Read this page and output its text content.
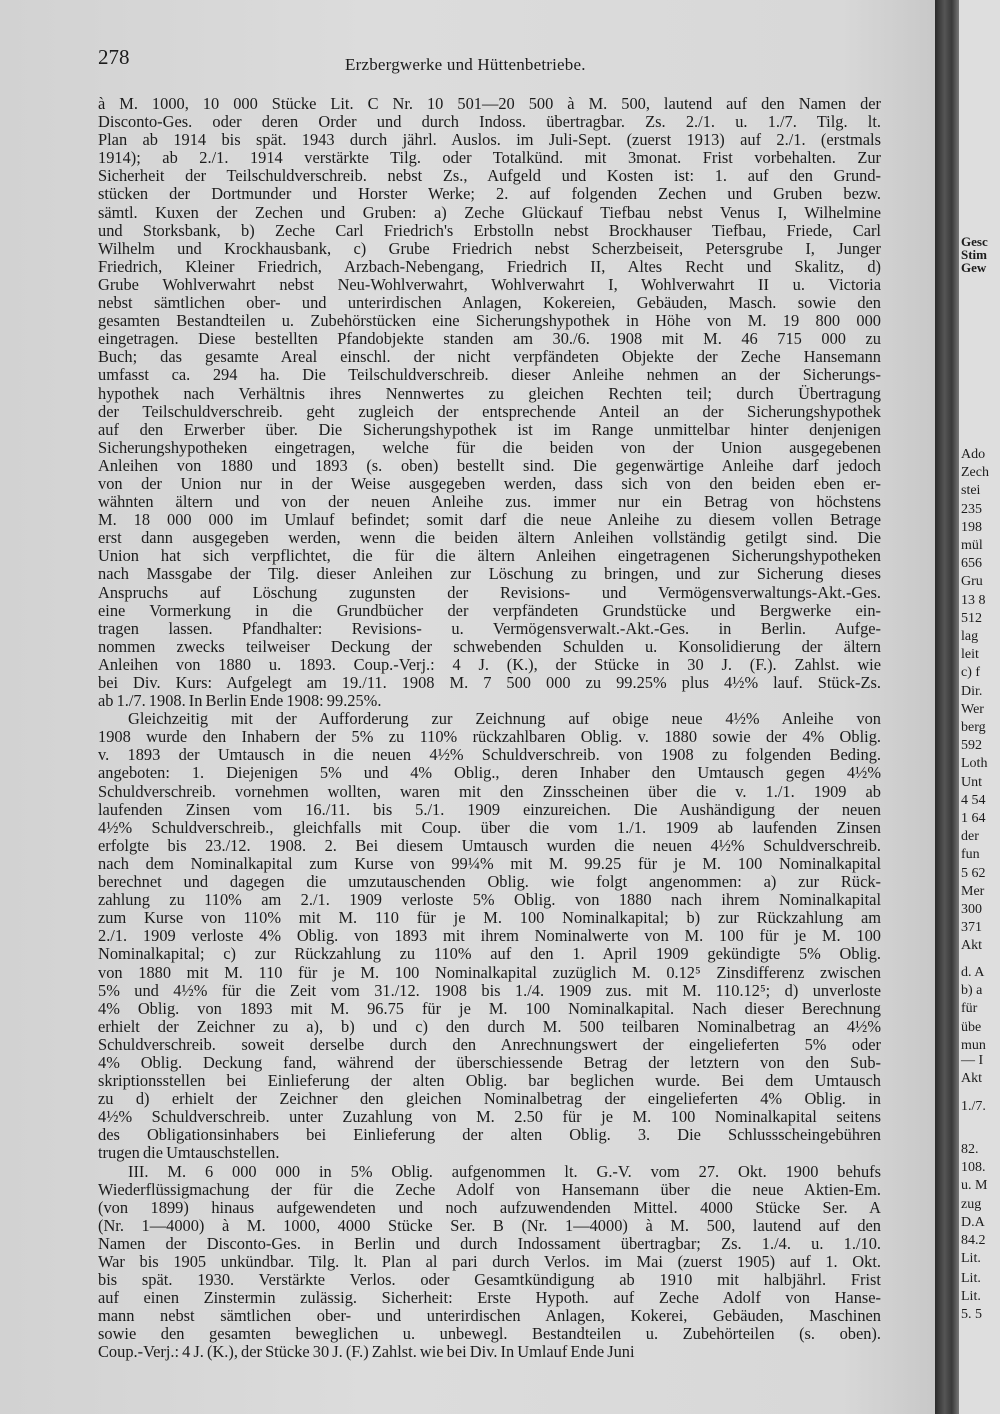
278	Erzbergwerke und Hüttenbetriebe.
à M. 1000, 10 000 Stücke Lit. C Nr. 10 501—20 500 à M. 500, lautend auf den Namen der
Disconto-Ges. oder deren Order und durch Indoss. übertragbar. Zs. 2./1. u. 1./7. Tilg. lt.
Plan ab 1914 bis spät. 1943 durch jährl. Auslos. im Juli-Sept. (zuerst 1913) auf 2./1. (erstmals
1914); ab 2./1. 1914 verstärkte Tilg. oder Totalkünd. mit 3monat. Frist vorbehalten. Zur
Sicherheit der Teilschuldverschreib. nebst Zs., Aufgeld und Kosten ist: 1. auf den Grund-
stücken der Dortmunder und Horster Werke; 2. auf folgenden Zechen und Gruben bezw.
sämtl. Kuxen der Zechen und Gruben: a) Zeche Glückauf Tiefbau nebst Venus I, Wilhelmine
und Storksbank, b) Zeche Carl Friedrich's Erbstolln nebst Brockhauser Tiefbau, Friede, Carl
Wilhelm und Krockhausbank, c) Grube Friedrich nebst Scherzbeiseit, Petersgrube I, Junger
Friedrich, Kleiner Friedrich, Arzbach-Nebengang, Friedrich II, Altes Recht und Skalitz, d)
Grube Wohlverwahrt nebst Neu-Wohlverwahrt, Wohlverwahrt I, Wohlverwahrt II u. Victoria
nebst sämtlichen ober- und unterirdischen Anlagen, Kokereien, Gebäuden, Masch. sowie den
gesamten Bestandteilen u. Zubehörstücken eine Sicherungshypothek in Höhe von M. 19 800 000
eingetragen. Diese bestellten Pfandobjekte standen am 30./6. 1908 mit M. 46 715 000 zu
Buch; das gesamte Areal einschl. der nicht verpfändeten Objekte der Zeche Hansemann
umfasst ca. 294 ha. Die Teilschuldverschreib. dieser Anleihe nehmen an der Sicherungs-
hypothek nach Verhältnis ihres Nennwertes zu gleichen Rechten teil; durch Übertragung
der Teilschuldverschreib. geht zugleich der entsprechende Anteil an der Sicherungshypothek
auf den Erwerber über. Die Sicherungshypothek ist im Range unmittelbar hinter denjenigen
Sicherungshypotheken eingetragen, welche für die beiden von der Union ausgegebenen
Anleihen von 1880 und 1893 (s. oben) bestellt sind. Die gegenwärtige Anleihe darf jedoch
von der Union nur in der Weise ausgegeben werden, dass sich von den beiden eben er-
wähnten ältern und von der neuen Anleihe zus. immer nur ein Betrag von höchstens
M. 18 000 000 im Umlauf befindet; somit darf die neue Anleihe zu diesem vollen Betrage
erst dann ausgegeben werden, wenn die beiden ältern Anleihen vollständig getilgt sind. Die
Union hat sich verpflichtet, die für die ältern Anleihen eingetragenen Sicherungshypotheken
nach Massgabe der Tilg. dieser Anleihen zur Löschung zu bringen, und zur Sicherung dieses
Anspruchs auf Löschung zugunsten der Revisions- und Vermögensverwaltungs-Akt.-Ges.
eine Vormerkung in die Grundbücher der verpfändeten Grundstücke und Bergwerke ein-
tragen lassen. Pfandhalter: Revisions- u. Vermögensverwalt.-Akt.-Ges. in Berlin. Aufge-
nommen zwecks teilweiser Deckung der schwebenden Schulden u. Konsolidierung der ältern
Anleihen von 1880 u. 1893. Coup.-Verj.: 4 J. (K.), der Stücke in 30 J. (F.). Zahlst. wie
bei Div. Kurs: Aufgelegt am 19./11. 1908 M. 7 500 000 zu 99.25% plus 4½% lauf. Stück-Zs.
ab 1./7. 1908. In Berlin Ende 1908: 99.25%.
Gleichzeitig mit der Aufforderung zur Zeichnung auf obige neue 4½% Anleihe von
1908 wurde den Inhabern der 5% zu 110% rückzahlbaren Oblig. v. 1880 sowie der 4% Oblig.
v. 1893 der Umtausch in die neuen 4½% Schuldverschreib. von 1908 zu folgenden Beding.
angeboten: 1. Diejenigen 5% und 4% Oblig., deren Inhaber den Umtausch gegen 4½%
Schuldverschreib. vornehmen wollten, waren mit den Zinsscheinen über die v. 1./1. 1909 ab
laufenden Zinsen vom 16./11. bis 5./1. 1909 einzureichen. Die Aushändigung der neuen
4½% Schuldverschreib., gleichfalls mit Coup. über die vom 1./1. 1909 ab laufenden Zinsen
erfolgte bis 23./12. 1908. 2. Bei diesem Umtausch wurden die neuen 4½% Schuldverschreib.
nach dem Nominalkapital zum Kurse von 99¼% mit M. 99.25 für je M. 100 Nominalkapital
berechnet und dagegen die umzutauschenden Oblig. wie folgt angenommen: a) zur Rück-
zahlung zu 110% am 2./1. 1909 verloste 5% Oblig. von 1880 nach ihrem Nominalkapital
zum Kurse von 110% mit M. 110 für je M. 100 Nominalkapital; b) zur Rückzahlung am
2./1. 1909 verloste 4% Oblig. von 1893 mit ihrem Nominalwerte von M. 100 für je M. 100
Nominalkapital; c) zur Rückzahlung zu 110% auf den 1. April 1909 gekündigte 5% Oblig.
von 1880 mit M. 110 für je M. 100 Nominalkapital zuzüglich M. 0.12⁵ Zinsdifferenz zwischen
5% und 4½% für die Zeit vom 31./12. 1908 bis 1./4. 1909 zus. mit M. 110.12⁵; d) unverloste
4% Oblig. von 1893 mit M. 96.75 für je M. 100 Nominalkapital. Nach dieser Berechnung
erhielt der Zeichner zu a), b) und c) den durch M. 500 teilbaren Nominalbetrag an 4½%
Schuldverschreib. soweit derselbe durch den Anrechnungswert der eingelieferten 5% oder
4% Oblig. Deckung fand, während der überschiessende Betrag der letztern von den Sub-
skriptionsstellen bei Einlieferung der alten Oblig. bar beglichen wurde. Bei dem Umtausch
zu d) erhielt der Zeichner den gleichen Nominalbetrag der eingelieferten 4% Oblig. in
4½% Schuldverschreib. unter Zuzahlung von M. 2.50 für je M. 100 Nominalkapital seitens
des Obligationsinhabers bei Einlieferung der alten Oblig. 3. Die Schlussscheingebühren
trugen die Umtauschstellen.
III. M. 6 000 000 in 5% Oblig. aufgenommen lt. G.-V. vom 27. Okt. 1900 behufs
Wiederflüssigmachung der für die Zeche Adolf von Hansemann über die neue Aktien-Em.
(von 1899) hinaus aufgewendeten und noch aufzuwendenden Mittel. 4000 Stücke Ser. A
(Nr. 1—4000) à M. 1000, 4000 Stücke Ser. B (Nr. 1—4000) à M. 500, lautend auf den
Namen der Disconto-Ges. in Berlin und durch Indossament übertragbar; Zs. 1./4. u. 1./10.
War bis 1905 unkündbar. Tilg. lt. Plan al pari durch Verlos. im Mai (zuerst 1905) auf 1. Okt.
bis spät. 1930. Verstärkte Verlos. oder Gesamtkündigung ab 1910 mit halbjährl. Frist
auf einen Zinstermin zulässig. Sicherheit: Erste Hypoth. auf Zeche Adolf von Hanse-
mann nebst sämtlichen ober- und unterirdischen Anlagen, Kokerei, Gebäuden, Maschinen
sowie den gesamten beweglichen u. unbewegl. Bestandteilen u. Zubehörteilen (s. oben).
Coup.-Verj.: 4 J. (K.), der Stücke 30 J. (F.) Zahlst. wie bei Div. In Umlauf Ende Juni
Gesc
Stim
Gew
Ado
Zech
stei
235
198
mül
656
Gru
13 8
512
lag
leit
c) f
Dir.
Wer
berg
592
Loth
Unt
4 54
1 64
der
fun
5 62
Mer
300
371
Akt
d. A
b) a
für
übe
mun
— I
Akt
1./7.
82.
108.
u. M
zug
D.A
84.2
Lit.
Lit.
Lit.
5. 5
